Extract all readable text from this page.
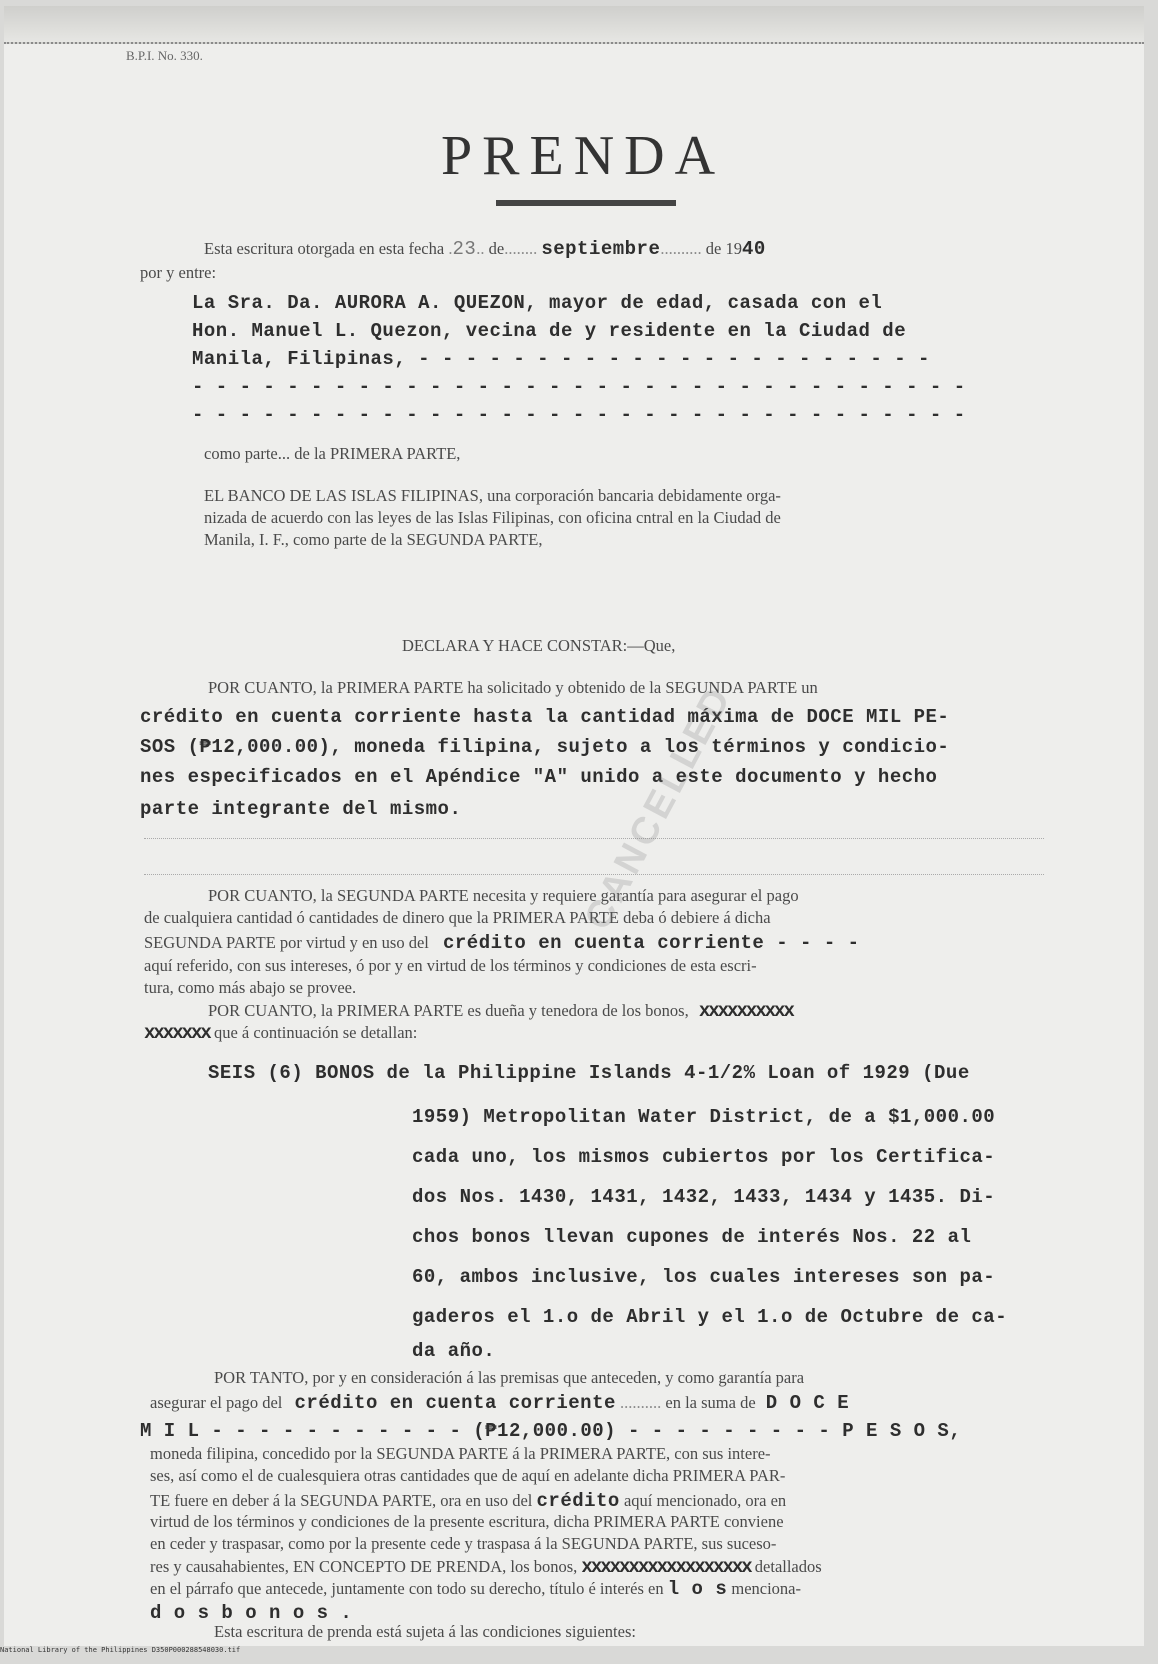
B.P.I. No. 330.
PRENDA
Esta escritura otorgada en esta fecha .23.. de........ septiembre.......... de 1940
por y entre:
La Sra. Da. AURORA A. QUEZON, mayor de edad, casada con el
Hon. Manuel L. Quezon, vecina de y residente en la Ciudad de
Manila, Filipinas, - - - - - - - - - - - - - - - - - - - - - -
- - - - - - - - - - - - - - - - - - - - - - - - - - - - - - - - -
- - - - - - - - - - - - - - - - - - - - - - - - - - - - - - - - -
como parte... de la PRIMERA PARTE,
EL BANCO DE LAS ISLAS FILIPINAS, una corporación bancaria debidamente orga-
nizada de acuerdo con las leyes de las Islas Filipinas, con oficina cntral en la Ciudad de
Manila, I. F., como parte de la SEGUNDA PARTE,
DECLARA Y HACE CONSTAR:—Que,
POR CUANTO, la PRIMERA PARTE ha solicitado y obtenido de la SEGUNDA PARTE un
crédito en cuenta corriente hasta la cantidad máxima de DOCE MIL PE-
SOS (₱12,000.00), moneda filipina, sujeto a los términos y condicio-
nes especificados en el Apéndice "A" unido a este documento y hecho
parte integrante del mismo.
POR CUANTO, la SEGUNDA PARTE necesita y requiere garantía para asegurar el pago
de cualquiera cantidad ó cantidades de dinero que la PRIMERA PARTE deba ó debiere á dicha
SEGUNDA PARTE por virtud y en uso del crédito en cuenta corriente - - - -
aquí referido, con sus intereses, ó por y en virtud de los términos y condiciones de esta escri-
tura, como más abajo se provee.
POR CUANTO, la PRIMERA PARTE es dueña y tenedora de los bonos, xxxxxxxxxx
xxxxxxx que á continuación se detallan:
SEIS (6) BONOS de la Philippine Islands 4-1/2% Loan of 1929 (Due
1959) Metropolitan Water District, de a $1,000.00
cada uno, los mismos cubiertos por los Certifica-
dos Nos. 1430, 1431, 1432, 1433, 1434 y 1435. Di-
chos bonos llevan cupones de interés Nos. 22 al
60, ambos inclusive, los cuales intereses son pa-
gaderos el 1.o de Abril y el 1.o de Octubre de ca-
da año.
POR TANTO, por y en consideración á las premisas que anteceden, y como garantía para
asegurar el pago del crédito en cuenta corriente .......... en la suma de D O C E
M I L - - - - - - - - - - - (₱12,000.00) - - - - - - - - - P E S O S,
moneda filipina, concedido por la SEGUNDA PARTE á la PRIMERA PARTE, con sus intere-
ses, así como el de cualesquiera otras cantidades que de aquí en adelante dicha PRIMERA PAR-
TE fuere en deber á la SEGUNDA PARTE, ora en uso del crédito aquí mencionado, ora en
virtud de los términos y condiciones de la presente escritura, dicha PRIMERA PARTE conviene
en ceder y traspasar, como por la presente cede y traspasa á la SEGUNDA PARTE, sus suceso-
res y causahabientes, EN CONCEPTO DE PRENDA, los bonos, xxxxxxxxxxxxxxxxxx detallados
en el párrafo que antecede, juntamente con todo su derecho, título é interés en l o s menciona-
d o s b o n o s .
Esta escritura de prenda está sujeta á las condiciones siguientes:
CANCELLED
National Library of the Philippines D350P000288548030.tif
